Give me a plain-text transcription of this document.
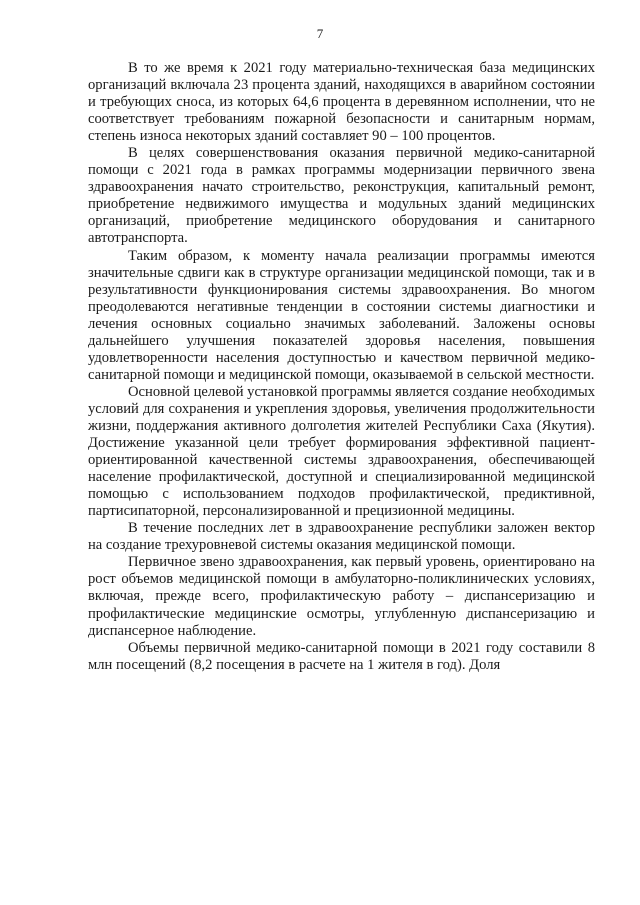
7

В то же время к 2021 году материально-техническая база медицинских организаций включала 23 процента зданий, находящихся в аварийном состоянии и требующих сноса, из которых 64,6 процента в деревянном исполнении, что не соответствует требованиям пожарной безопасности и санитарным нормам, степень износа некоторых зданий составляет 90 – 100 процентов.

В целях совершенствования оказания первичной медико-санитарной помощи с 2021 года в рамках программы модернизации первичного звена здравоохранения начато строительство, реконструкция, капитальный ремонт, приобретение недвижимого имущества и модульных зданий медицинских организаций, приобретение медицинского оборудования и санитарного автотранспорта.

Таким образом, к моменту начала реализации программы имеются значительные сдвиги как в структуре организации медицинской помощи, так и в результативности функционирования системы здравоохранения. Во многом преодолеваются негативные тенденции в состоянии системы диагностики и лечения основных социально значимых заболеваний. Заложены основы дальнейшего улучшения показателей здоровья населения, повышения удовлетворенности населения доступностью и качеством первичной медико-санитарной помощи и медицинской помощи, оказываемой в сельской местности.

Основной целевой установкой программы является создание необходимых условий для сохранения и укрепления здоровья, увеличения продолжительности жизни, поддержания активного долголетия жителей Республики Саха (Якутия). Достижение указанной цели требует формирования эффективной пациент-ориентированной качественной системы здравоохранения, обеспечивающей население профилактической, доступной и специализированной медицинской помощью с использованием подходов профилактической, предиктивной, партисипаторной, персонализированной и прецизионной медицины.

В течение последних лет в здравоохранение республики заложен вектор на создание трехуровневой системы оказания медицинской помощи.

Первичное звено здравоохранения, как первый уровень, ориентировано на рост объемов медицинской помощи в амбулаторно-поликлинических условиях, включая, прежде всего, профилактическую работу – диспансеризацию и профилактические медицинские осмотры, углубленную диспансеризацию и диспансерное наблюдение.

Объемы первичной медико-санитарной помощи в 2021 году составили 8 млн посещений (8,2 посещения в расчете на 1 жителя в год). Доля
